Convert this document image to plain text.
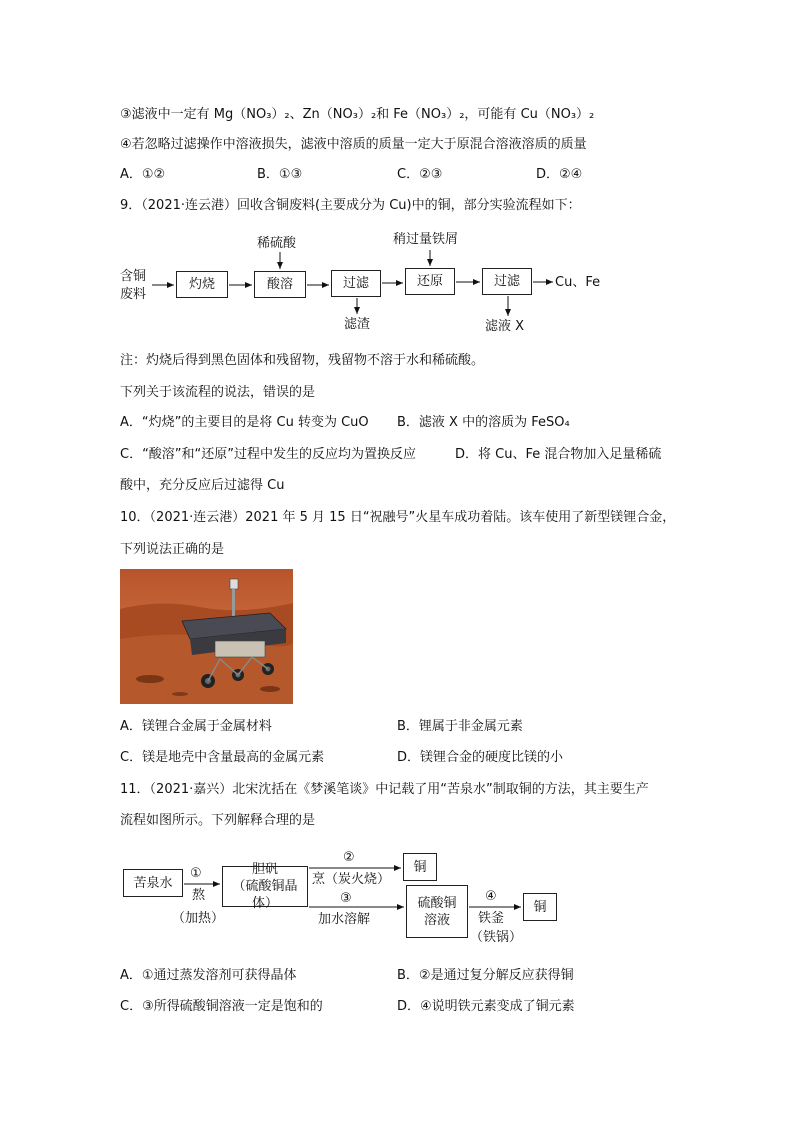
③滤液中一定有 Mg（NO₃）₂、Zn（NO₃）₂和 Fe（NO₃）₂，可能有 Cu（NO₃）₂
④若忽略过滤操作中溶液损失，滤液中溶质的质量一定大于原混合溶液溶质的质量
A．①②	B．①③	C．②③	D．②④
9．（2021·连云港）回收含铜废料(主要成分为 Cu)中的铜，部分实验流程如下：
含铜
废料
灼烧
稀硫酸
酸溶	过滤
滤渣
稍过量铁屑
还原	过滤
滤液 X
Cu、Fe
注：灼烧后得到黑色固体和残留物，残留物不溶于水和稀硫酸。
下列关于该流程的说法，错误的是
A．“灼烧”的主要目的是将 Cu 转变为 CuO B．滤液 X 中的溶质为 FeSO₄
C．“酸溶”和“还原”过程中发生的反应均为置换反应	D．将 Cu、Fe 混合物加入足量稀硫
酸中，充分反应后过滤得 Cu
10．（2021·连云港）2021 年 5 月 15 日“祝融号”火星车成功着陆。该车使用了新型镁锂合金，
下列说法正确的是
A．镁锂合金属于金属材料	B．锂属于非金属元素
C．镁是地壳中含量最高的金属元素	D．镁锂合金的硬度比镁的小
11．（2021·嘉兴）北宋沈括在《梦溪笔谈》中记载了用“苦泉水”制取铜的方法，其主要生产
流程如图所示。下列解释合理的是
苦泉水
①
熬
（加热）
胆矾
（硫酸铜晶体）
②
烹（炭火烧）
铜
③
加水溶解
硫酸铜
溶液
④
铁釜
（铁锅）
铜
A．①通过蒸发溶剂可获得晶体	B．②是通过复分解反应获得铜
C．③所得硫酸铜溶液一定是饱和的	D．④说明铁元素变成了铜元素
